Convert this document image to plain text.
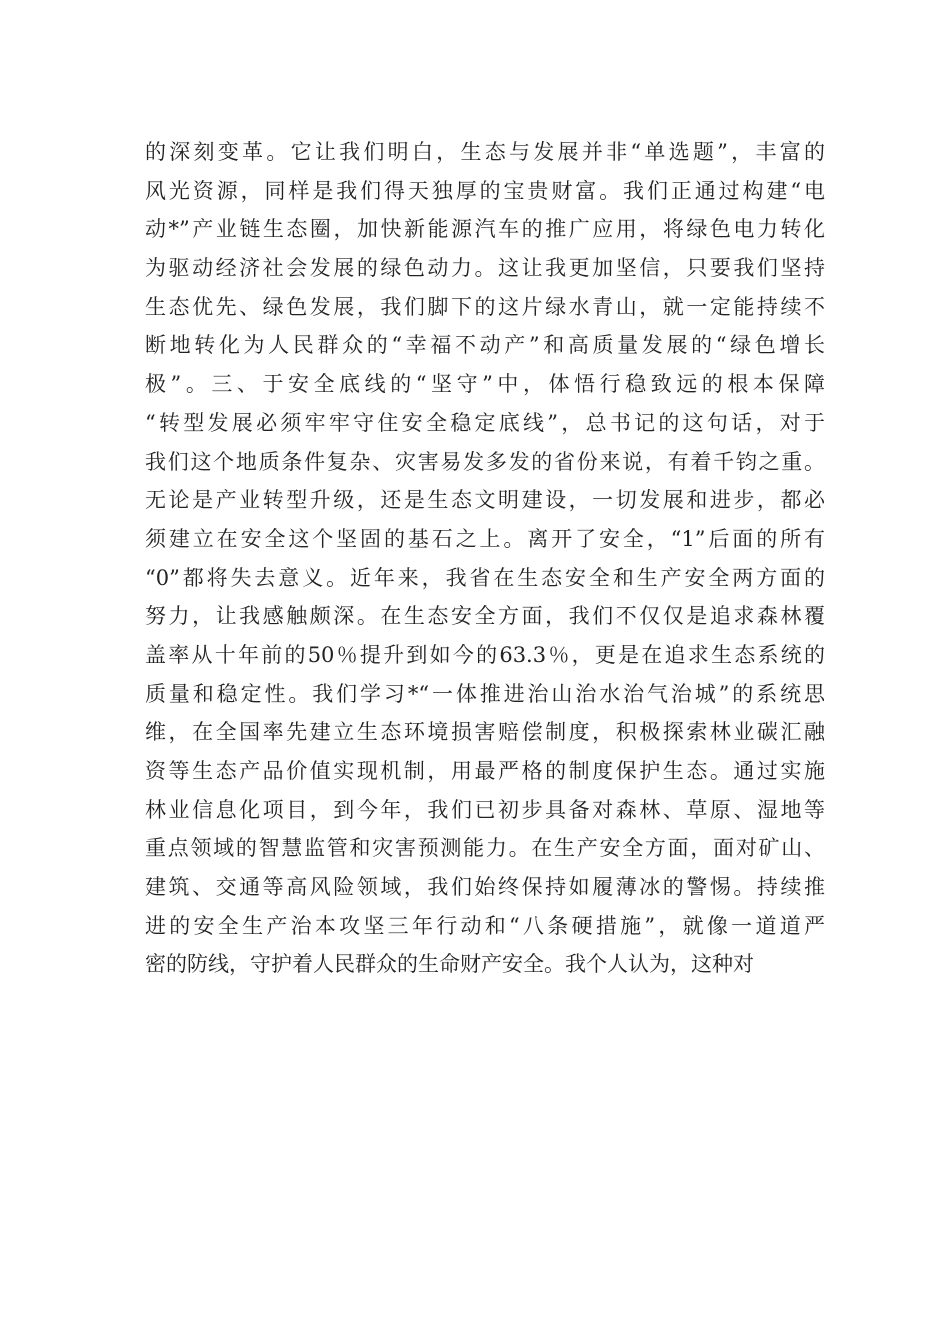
的深刻变革。它让我们明白，生态与发展并非“单选题”，丰富的
风光资源，同样是我们得天独厚的宝贵财富。我们正通过构建“电
动*”产业链生态圈，加快新能源汽车的推广应用，将绿色电力转化
为驱动经济社会发展的绿色动力。这让我更加坚信，只要我们坚持
生态优先、绿色发展，我们脚下的这片绿水青山，就一定能持续不
断地转化为人民群众的“幸福不动产”和高质量发展的“绿色增长
极”。三、于安全底线的“坚守”中，体悟行稳致远的根本保障
“转型发展必须牢牢守住安全稳定底线”，总书记的这句话，对于
我们这个地质条件复杂、灾害易发多发的省份来说，有着千钧之重。
无论是产业转型升级，还是生态文明建设，一切发展和进步，都必
须建立在安全这个坚固的基石之上。离开了安全，“1”后面的所有
“0”都将失去意义。近年来，我省在生态安全和生产安全两方面的
努力，让我感触颇深。在生态安全方面，我们不仅仅是追求森林覆
盖率从十年前的50％提升到如今的63.3％，更是在追求生态系统的
质量和稳定性。我们学习*“一体推进治山治水治气治城”的系统思
维，在全国率先建立生态环境损害赔偿制度，积极探索林业碳汇融
资等生态产品价值实现机制，用最严格的制度保护生态。通过实施
林业信息化项目，到今年，我们已初步具备对森林、草原、湿地等
重点领域的智慧监管和灾害预测能力。在生产安全方面，面对矿山、
建筑、交通等高风险领域，我们始终保持如履薄冰的警惕。持续推
进的安全生产治本攻坚三年行动和“八条硬措施”，就像一道道严
密的防线，守护着人民群众的生命财产安全。我个人认为，这种对
